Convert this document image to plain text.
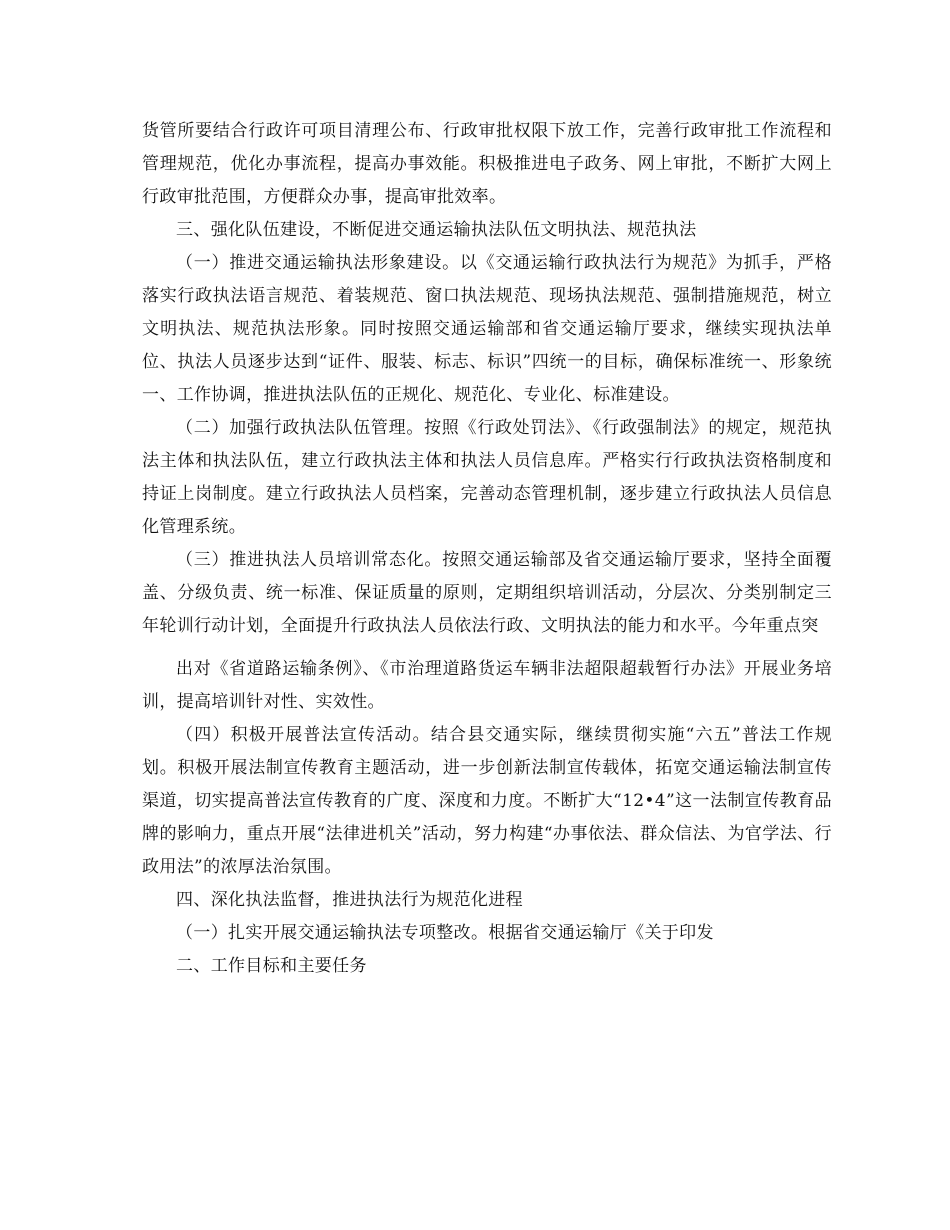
货管所要结合行政许可项目清理公布、行政审批权限下放工作，完善行政审批工作流程和管理规范，优化办事流程，提高办事效能。积极推进电子政务、网上审批，不断扩大网上行政审批范围，方便群众办事，提高审批效率。

三、强化队伍建设，不断促进交通运输执法队伍文明执法、规范执法

（一）推进交通运输执法形象建设。以《交通运输行政执法行为规范》为抓手，严格落实行政执法语言规范、着装规范、窗口执法规范、现场执法规范、强制措施规范，树立文明执法、规范执法形象。同时按照交通运输部和省交通运输厅要求，继续实现执法单位、执法人员逐步达到“证件、服装、标志、标识”四统一的目标，确保标准统一、形象统一、工作协调，推进执法队伍的正规化、规范化、专业化、标准建设。

（二）加强行政执法队伍管理。按照《行政处罚法》、《行政强制法》的规定，规范执法主体和执法队伍，建立行政执法主体和执法人员信息库。严格实行行政执法资格制度和持证上岗制度。建立行政执法人员档案，完善动态管理机制，逐步建立行政执法人员信息化管理系统。

（三）推进执法人员培训常态化。按照交通运输部及省交通运输厅要求，坚持全面覆盖、分级负责、统一标准、保证质量的原则，定期组织培训活动，分层次、分类别制定三年轮训行动计划，全面提升行政执法人员依法行政、文明执法的能力和水平。今年重点突

出对《省道路运输条例》、《市治理道路货运车辆非法超限超载暂行办法》开展业务培训，提高培训针对性、实效性。

（四）积极开展普法宣传活动。结合县交通实际，继续贯彻实施“六五”普法工作规划。积极开展法制宣传教育主题活动，进一步创新法制宣传载体，拓宽交通运输法制宣传渠道，切实提高普法宣传教育的广度、深度和力度。不断扩大“12•4”这一法制宣传教育品牌的影响力，重点开展“法律进机关”活动，努力构建“办事依法、群众信法、为官学法、行政用法”的浓厚法治氛围。

四、深化执法监督，推进执法行为规范化进程

（一）扎实开展交通运输执法专项整改。根据省交通运输厅《关于印发

二、工作目标和主要任务
